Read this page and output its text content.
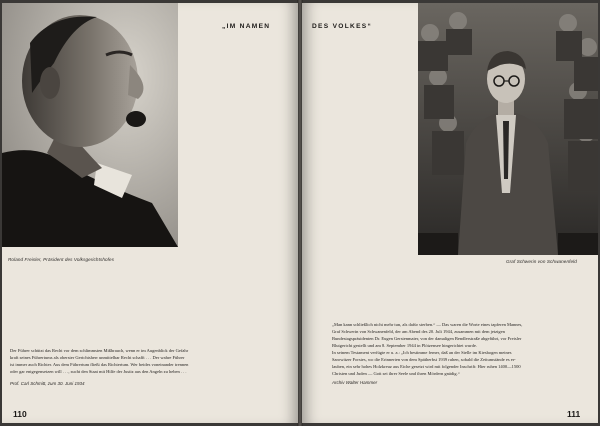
Roland Freisler, Präsident des Volksgerichtshofes
Der Führer schützt das Recht vor dem schlimmsten Mißbrauch, wenn er im Augenblick der Gefahr
kraft seines Führertums als oberster Gerichtsherr unmittelbar Recht schafft . . . Der wahre Führer
ist immer auch Richter. Aus dem Führertum fließt das Richtertum. Wer beides voneinander trennen
oder gar entgegensetzen will . . ., sucht den Staat mit Hilfe der Justiz aus den Angeln zu heben . . .
Prof. Carl Schmitt, zum 30. Juni 1934
110
„IM NAMEN	DES VOLKES“
Graf Schwerin von Schwanenfeld
„Man kann schließlich nicht mehr tun, als dafür sterben.“ — Das waren die Worte eines tapferen Mannes,
Graf Schwerin von Schwanenfeld, der am Abend des 20. Juli 1944, zusammen mit dem jetzigen
Bundestagspräsidenten Dr. Eugen Gerstenmaier, von der damaligen Bendlerstraße abgeführt, vor Freisler
Blutgericht gestellt und am 8. September 1944 in Plötzensee hingerichtet wurde.
In seinem Testament verfügte er u. a.: „Ich bestimme ferner, daß an der Stelle im Kiesbogen meines
Sarowitzer Forstes, wo die Erinnerten von dem Spätherbst 1939 ruhen, sobald die Zeitumstände es er-
lauben, ein sehr hohes Holzkreuz aus Eiche gesetzt wird mit folgender Inschrift: Hier ruhen 1400—1500
Christen und Juden — Gott sei ihrer Seele und ihren Mördern gnädig.“
Archiv Walter Hammer
111
